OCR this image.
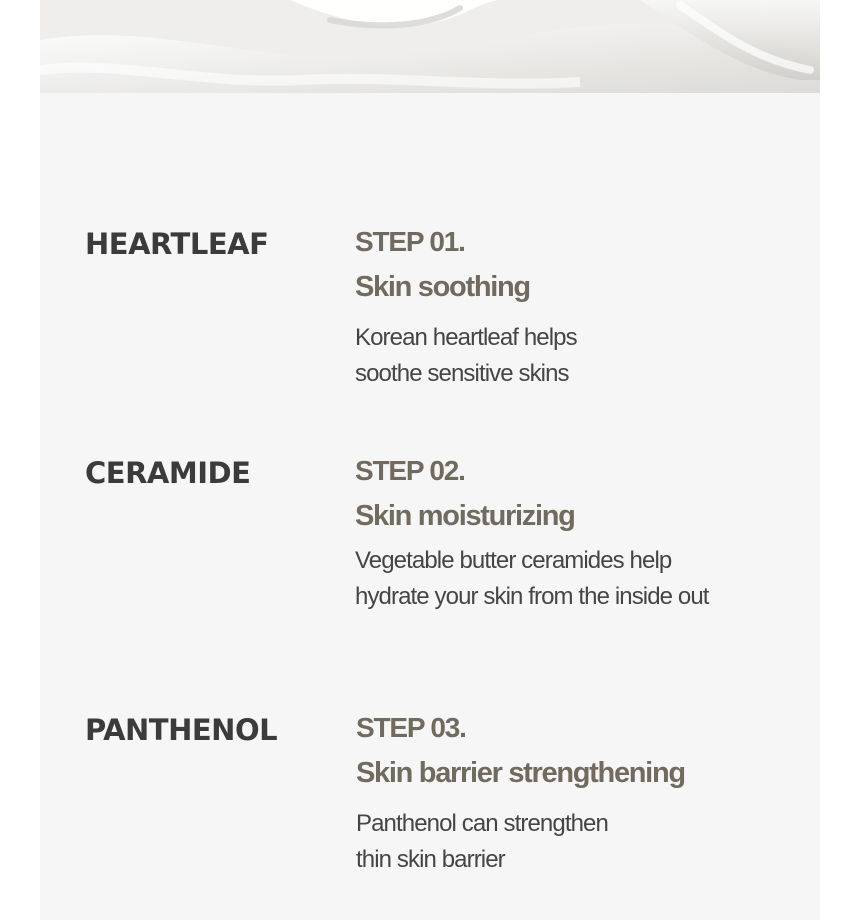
HEARTLEAF	STEP 01.

Skin soothing

Korean heartleaf helps
soothe sensitive skins

CERAMIDE	STEP 02.

Skin moisturizing

Vegetable butter ceramides help
hydrate your skin from the inside out

PANTHENOL	STEP 03.

Skin barrier strengthening

Panthenol can strengthen
thin skin barrier
